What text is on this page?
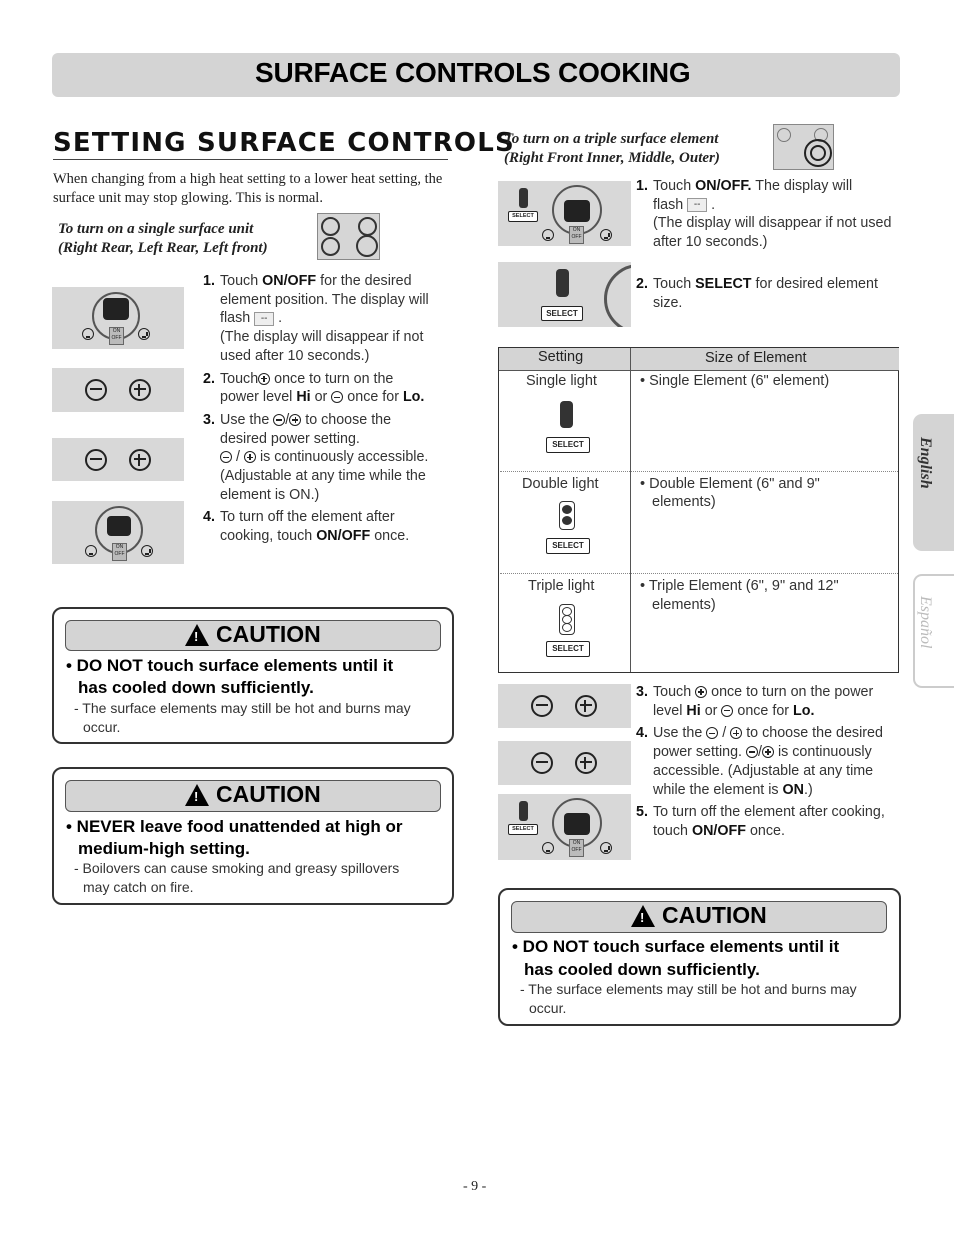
SURFACE CONTROLS COOKING
SETTING SURFACE CONTROLS
When changing from a high heat setting to a lower heat setting, the surface unit may stop glowing. This is normal.
To turn on a single surface unit
(Right Rear, Left Rear, Left front)
ON
OFF
ON
OFF
1. Touch ON/OFF for the desired
element position. The display will
flash -- .
(The display will disappear if not
used after 10 seconds.)
2. Touch once to turn on the
power level Hi or once for Lo.
3. Use the / to choose the
desired power setting.
/ is continuously accessible.
(Adjustable at any time while the
element is ON.)
4. To turn off the element after
cooking, touch ON/OFF once.
!
CAUTION
• DO NOT touch surface elements until it
has cooled down sufficiently.
- The surface elements may still be hot and burns may
occur.
!
CAUTION
• NEVER leave food unattended at high or
medium-high setting.
- Boilovers can cause smoking and greasy spillovers
may catch on fire.
To turn on a triple surface element
(Right Front Inner, Middle, Outer)
SELECT
ON
OFF
SELECT
1. Touch ON/OFF. The display will
flash -- .
(The display will disappear if not used
after 10 seconds.)
2. Touch SELECT for desired element
size.
Setting	Size of Element
Single light	• Single Element (6" element)
SELECT
Double light	• Double Element (6" and 9"
elements)
SELECT
Triple light	• Triple Element (6", 9" and 12"
elements)
SELECT
SELECT
ON
OFF
3. Touch once to turn on the power
level Hi or once for Lo.
4. Use the / to choose the desired
power setting. / is continuously
accessible. (Adjustable at any time
while the element is ON.)
5. To turn off the element after cooking,
touch ON/OFF once.
!
CAUTION
• DO NOT touch surface elements until it
has cooled down sufficiently.
- The surface elements may still be hot and burns may
occur.
English
Español
- 9 -
